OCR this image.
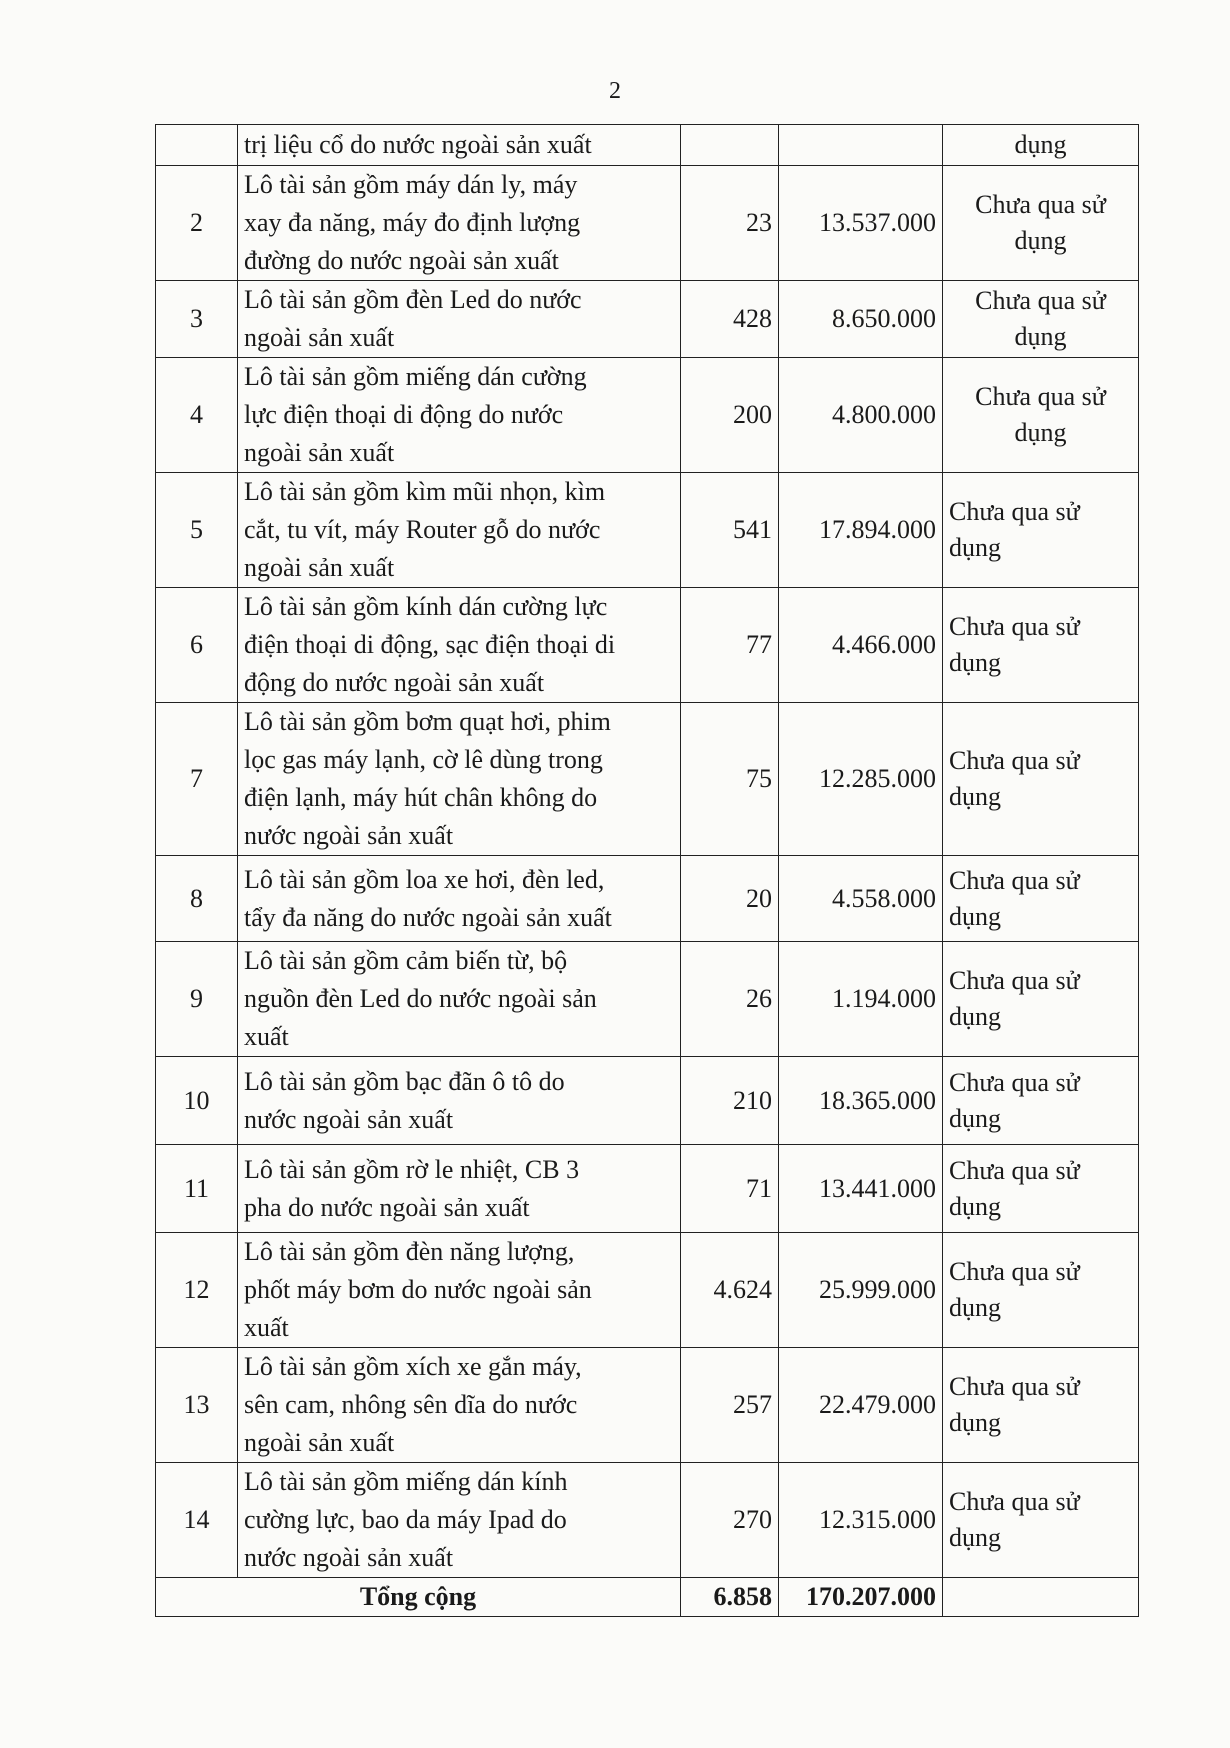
2
	trị liệu cổ do nước ngoài sản xuất			dụng
2	Lô tài sản gồm máy dán ly, máy
xay đa năng, máy đo định lượng
đường do nước ngoài sản xuất	23	13.537.000	Chưa qua sử
dụng

3	Lô tài sản gồm đèn Led do nước
ngoài sản xuất	428	8.650.000	Chưa qua sử
dụng

4	Lô tài sản gồm miếng dán cường
lực điện thoại di động do nước
ngoài sản xuất	200	4.800.000	Chưa qua sử
dụng

5	Lô tài sản gồm kìm mũi nhọn, kìm
cắt, tu vít, máy Router gỗ do nước
ngoài sản xuất	541	17.894.000	Chưa qua sử
dụng

6	Lô tài sản gồm kính dán cường lực
điện thoại di động, sạc điện thoại di
động do nước ngoài sản xuất	77	4.466.000	Chưa qua sử
dụng

7	Lô tài sản gồm bơm quạt hơi, phim
lọc gas máy lạnh, cờ lê dùng trong
điện lạnh, máy hút chân không do
nước ngoài sản xuất	75	12.285.000	Chưa qua sử
dụng

8	Lô tài sản gồm loa xe hơi, đèn led,
tẩy đa năng do nước ngoài sản xuất	20	4.558.000	Chưa qua sử
dụng

9	Lô tài sản gồm cảm biến từ, bộ
nguồn đèn Led do nước ngoài sản
xuất	26	1.194.000	Chưa qua sử
dụng

10	Lô tài sản gồm bạc đãn ô tô do
nước ngoài sản xuất	210	18.365.000	Chưa qua sử
dụng

11	Lô tài sản gồm rờ le nhiệt, CB 3
pha do nước ngoài sản xuất	71	13.441.000	Chưa qua sử
dụng

12	Lô tài sản gồm đèn năng lượng,
phốt máy bơm do nước ngoài sản
xuất	4.624	25.999.000	Chưa qua sử
dụng

13	Lô tài sản gồm xích xe gắn máy,
sên cam, nhông sên dĩa do nước
ngoài sản xuất	257	22.479.000	Chưa qua sử
dụng

14	Lô tài sản gồm miếng dán kính
cường lực, bao da máy Ipad do
nước ngoài sản xuất	270	12.315.000	Chưa qua sử
dụng

Tổng cộng		6.858	170.207.000	
